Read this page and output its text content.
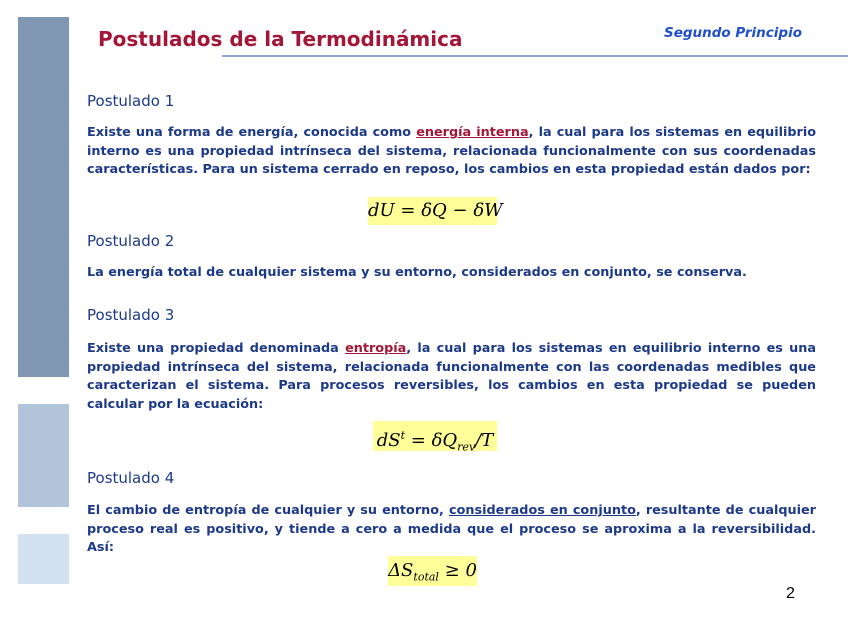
Postulados de la Termodinámica	Segundo Principio
Postulado 1
Existe una forma de energía, conocida como energía interna, la cual para los sistemas en equilibrio interno es una propiedad intrínseca del sistema, relacionada funcionalmente con sus coordenadas características. Para un sistema cerrado en reposo, los cambios en esta propiedad están dados por:
dU = δQ − δW
Postulado 2
La energía total de cualquier sistema y su entorno, considerados en conjunto, se conserva.
Postulado 3
Existe una propiedad denominada entropía, la cual para los sistemas en equilibrio interno es una propiedad intrínseca del sistema, relacionada funcionalmente con las coordenadas medibles que caracterizan el sistema. Para procesos reversibles, los cambios en esta propiedad se pueden calcular por la ecuación:
$dS^t = \delta Q_{rev}/T$
Postulado 4
El cambio de entropía de cualquier y su entorno, considerados en conjunto, resultante de cualquier proceso real es positivo, y tiende a cero a medida que el proceso se aproxima a la reversibilidad. Así:
$\Delta S_{total} \ge 0$
2
